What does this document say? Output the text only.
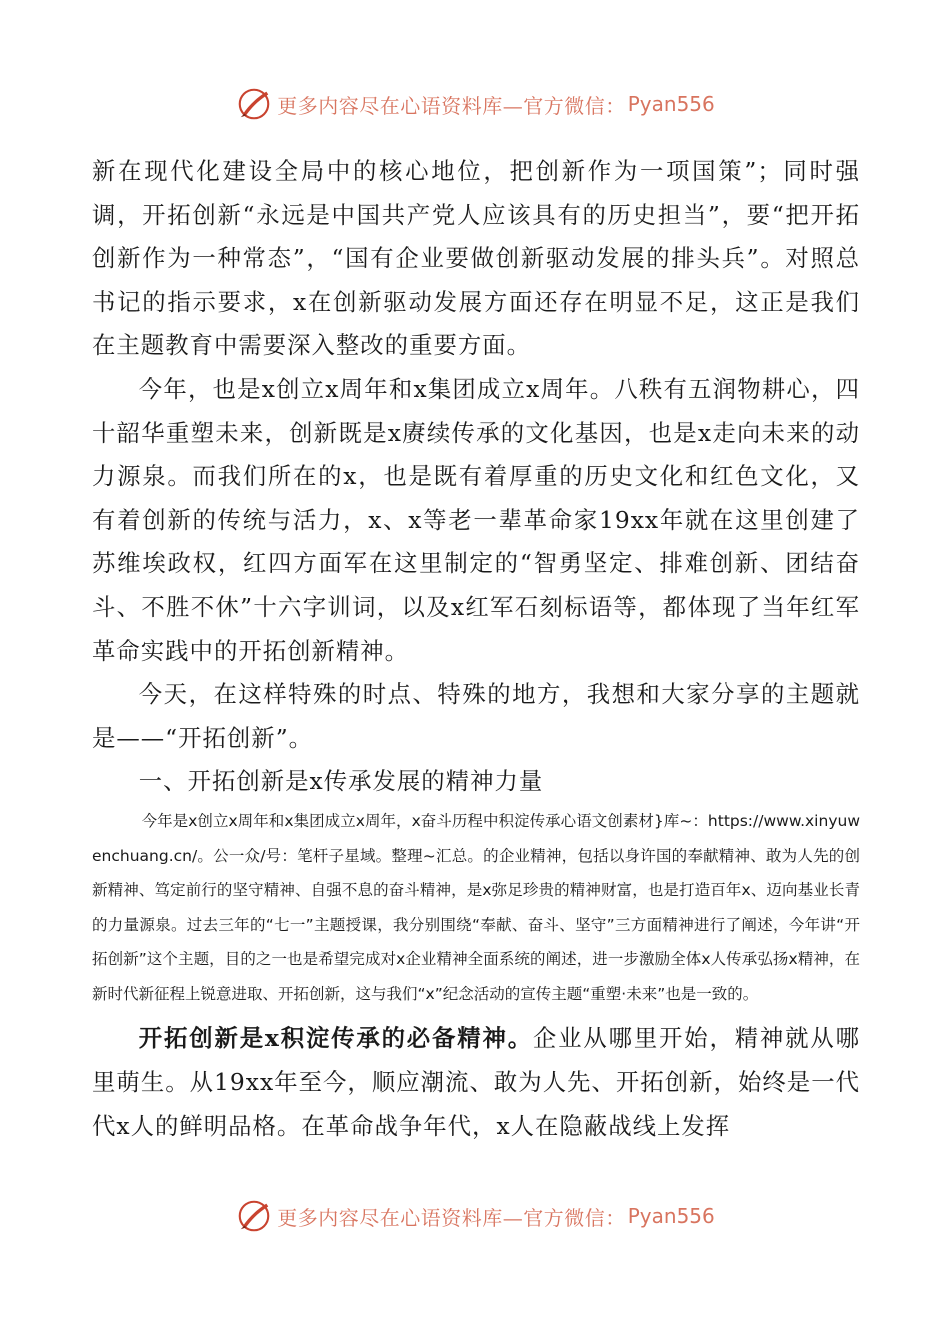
更多内容尽在心语资料库—官方微信： Pyan556

新在现代化建设全局中的核心地位，把创新作为一项国策”；同时强调，开拓创新“永远是中国共产党人应该具有的历史担当”，要“把开拓创新作为一种常态”，“国有企业要做创新驱动发展的排头兵”。对照总书记的指示要求，x在创新驱动发展方面还存在明显不足，这正是我们在主题教育中需要深入整改的重要方面。

今年，也是x创立x周年和x集团成立x周年。八秩有五润物耕心，四十韶华重塑未来，创新既是x赓续传承的文化基因，也是x走向未来的动力源泉。而我们所在的x，也是既有着厚重的历史文化和红色文化，又有着创新的传统与活力，x、x等老一辈革命家19xx年就在这里创建了苏维埃政权，红四方面军在这里制定的“智勇坚定、排难创新、团结奋斗、不胜不休”十六字训词，以及x红军石刻标语等，都体现了当年红军革命实践中的开拓创新精神。

今天，在这样特殊的时点、特殊的地方，我想和大家分享的主题就是——“开拓创新”。

一、开拓创新是x传承发展的精神力量

今年是x创立x周年和x集团成立x周年，x奋斗历程中积淀传承心语文创素材}库~：https://www.xinyuwenchuang.cn/。公一众/号：笔杆子星域。整理~汇总。的企业精神，包括以身许国的奉献精神、敢为人先的创新精神、笃定前行的坚守精神、自强不息的奋斗精神，是x弥足珍贵的精神财富，也是打造百年x、迈向基业长青的力量源泉。过去三年的“七一”主题授课，我分别围绕“奉献、奋斗、坚守”三方面精神进行了阐述，今年讲“开拓创新”这个主题，目的之一也是希望完成对x企业精神全面系统的阐述，进一步激励全体x人传承弘扬x精神，在新时代新征程上锐意进取、开拓创新，这与我们“x”纪念活动的宣传主题“重塑·未来”也是一致的。

开拓创新是x积淀传承的必备精神。企业从哪里开始，精神就从哪里萌生。从19xx年至今，顺应潮流、敢为人先、开拓创新，始终是一代代x人的鲜明品格。在革命战争年代，x人在隐蔽战线上发挥

更多内容尽在心语资料库—官方微信： Pyan556
